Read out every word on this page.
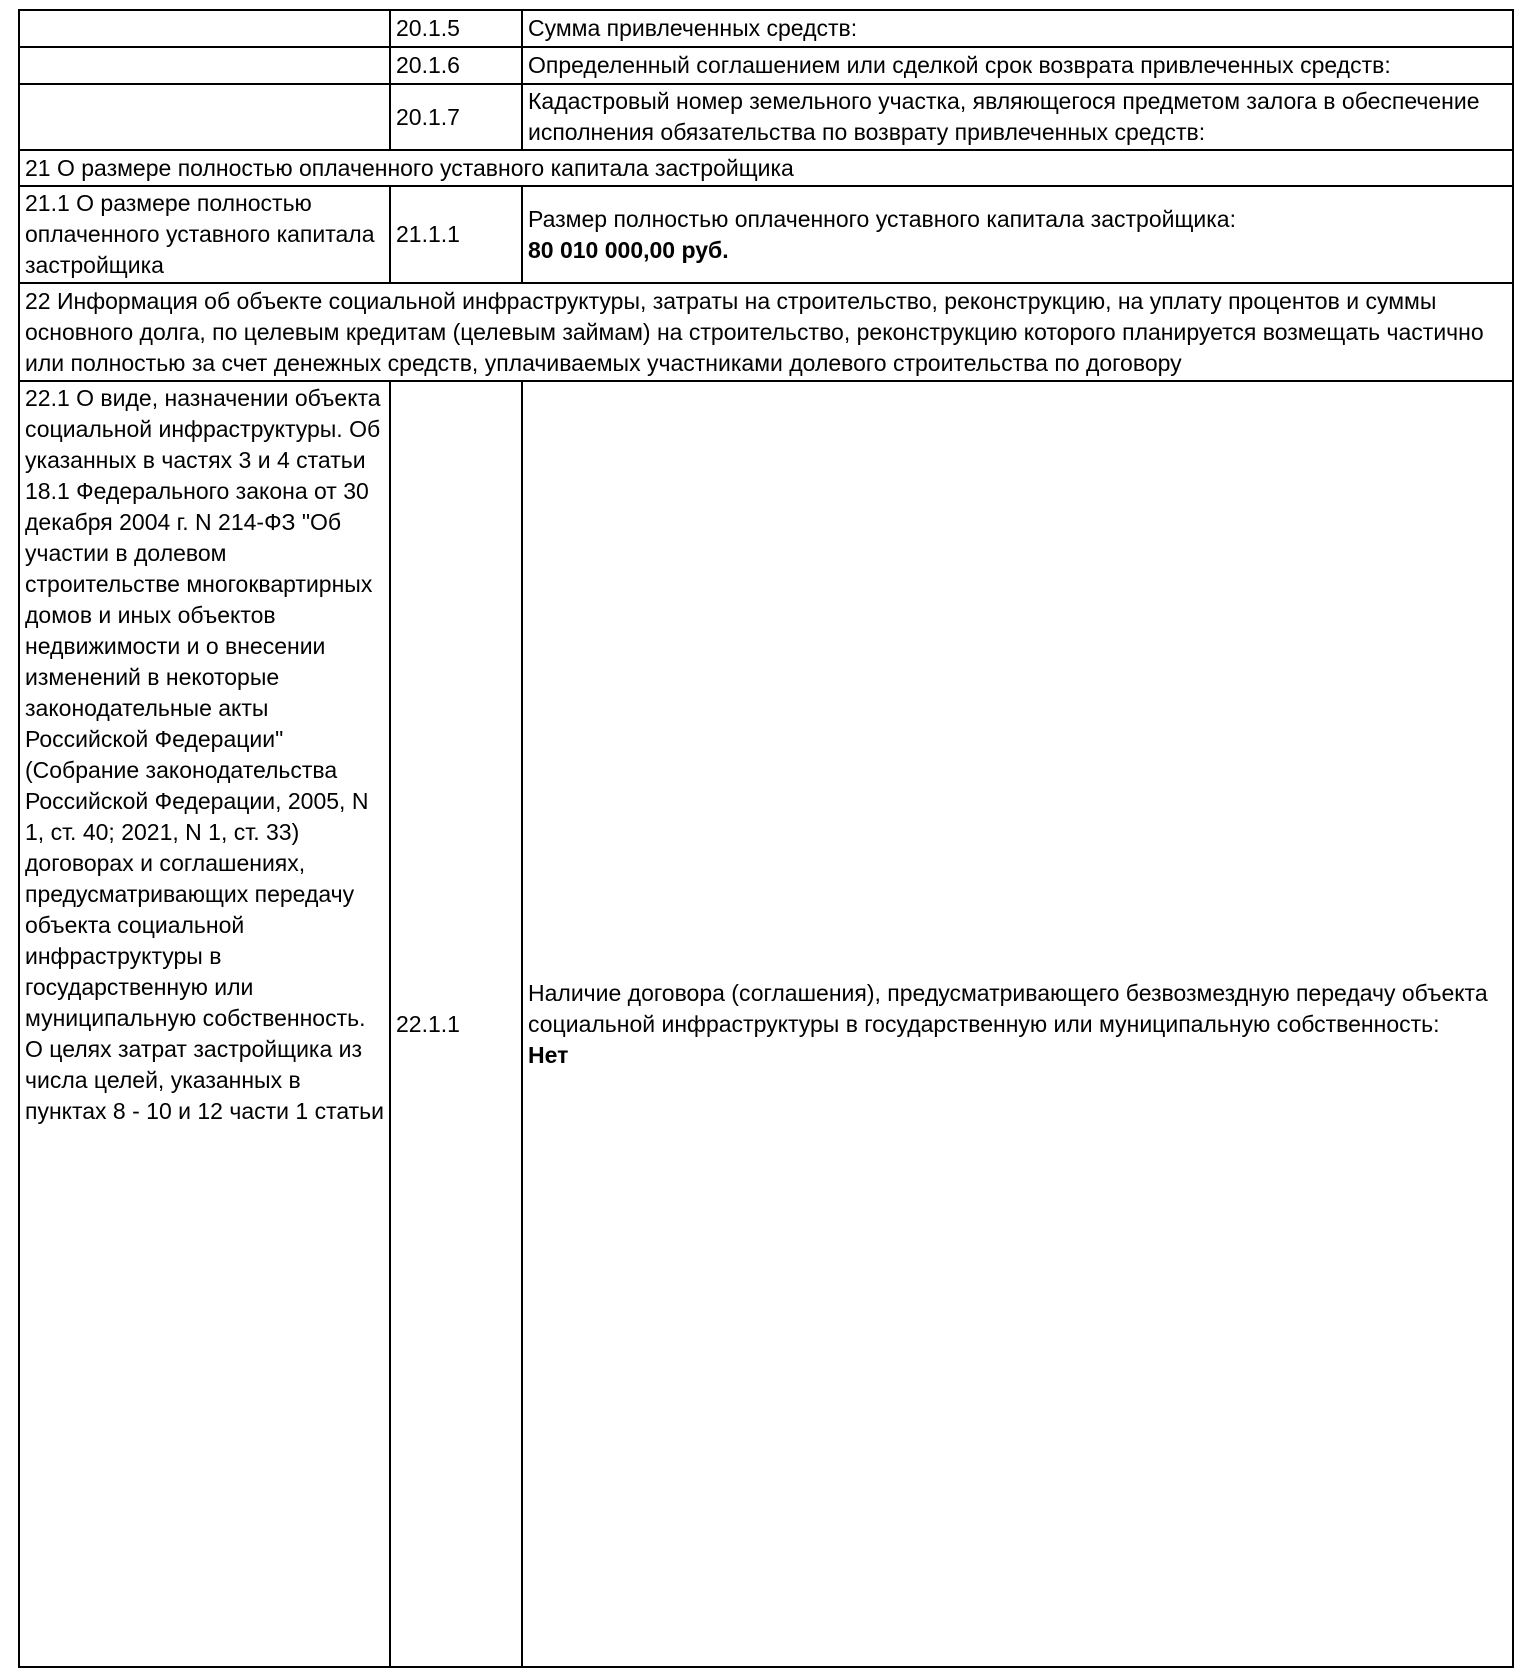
	20.1.5	Сумма привлеченных средств:
	20.1.6	Определенный соглашением или сделкой срок возврата привлеченных средств:
	20.1.7	Кадастровый номер земельного участка, являющегося предметом залога в обеспечение исполнения обязательства по возврату привлеченных средств:
21 О размере полностью оплаченного уставного капитала застройщика		
21.1 О размере полностью оплаченного уставного капитала застройщика	21.1.1	Размер полностью оплаченного уставного капитала застройщика:
80 010 000,00 руб.

22 Информация об объекте социальной инфраструктуры, затраты на строительство, реконструкцию, на уплату процентов и суммы основного долга, по целевым кредитам (целевым займам) на строительство, реконструкцию которого планируется возмещать частично или полностью за счет денежных средств, уплачиваемых участниками долевого строительства по договору		
22.1 О виде, назначении объекта социальной инфраструктуры. Об указанных в частях 3 и 4 статьи 18.1 Федерального закона от 30 декабря 2004 г. N 214-ФЗ "Об участии в долевом строительстве многоквартирных домов и иных объектов недвижимости и о внесении изменений в некоторые законодательные акты Российской Федерации" (Собрание законодательства Российской Федерации, 2005, N 1, ст. 40; 2021, N 1, ст. 33) договорах и соглашениях, предусматривающих передачу объекта социальной инфраструктуры в государственную или муниципальную собственность. О целях затрат застройщика из числа целей, указанных в пунктах 8 - 10 и 12 части 1 статьи	22.1.1	Наличие договора (соглашения), предусматривающего безвозмездную передачу объекта социальной инфраструктуры в государственную или муниципальную собственность:
Нет
